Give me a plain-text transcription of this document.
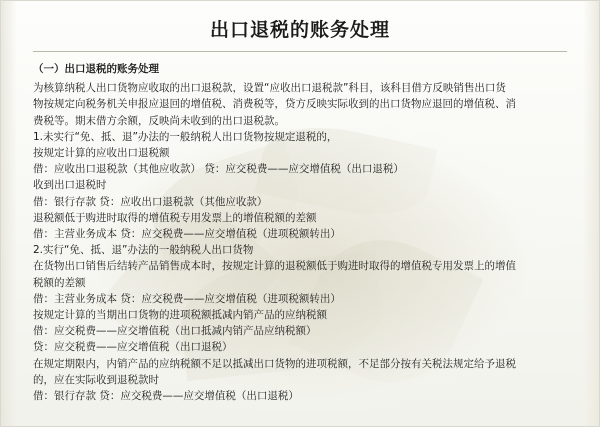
出口退税的账务处理
（一）出口退税的账务处理
为核算纳税人出口货物应收取的出口退税款，设置“应收出口退税款”科目，该科目借方反映销售出口货
物按规定向税务机关申报应退回的增值税、消费税等，贷方反映实际收到的出口货物应退回的增值税、消
费税等。期末借方余额，反映尚未收到的出口退税款。
1.未实行“免、抵、退”办法的一般纳税人出口货物按规定退税的，
按规定计算的应收出口退税额
借：应收出口退税款（其他应收款） 贷：应交税费——应交增值税（出口退税）
收到出口退税时
借：银行存款 贷：应收出口退税款（其他应收款）
退税额低于购进时取得的增值税专用发票上的增值税额的差额
借：主营业务成本 贷：应交税费——应交增值税（进项税额转出）
2.实行“免、抵、退”办法的一般纳税人出口货物
在货物出口销售后结转产品销售成本时，按规定计算的退税额低于购进时取得的增值税专用发票上的增值
税额的差额
借：主营业务成本 贷：应交税费——应交增值税（进项税额转出）
按规定计算的当期出口货物的进项税额抵减内销产品的应纳税额
借：应交税费——应交增值税（出口抵减内销产品应纳税额）
贷：应交税费——应交增值税（出口退税）
在规定期限内，内销产品的应纳税额不足以抵减出口货物的进项税额，不足部分按有关税法规定给予退税
的，应在实际收到退税款时
借：银行存款 贷：应交税费——应交增值税（出口退税）
